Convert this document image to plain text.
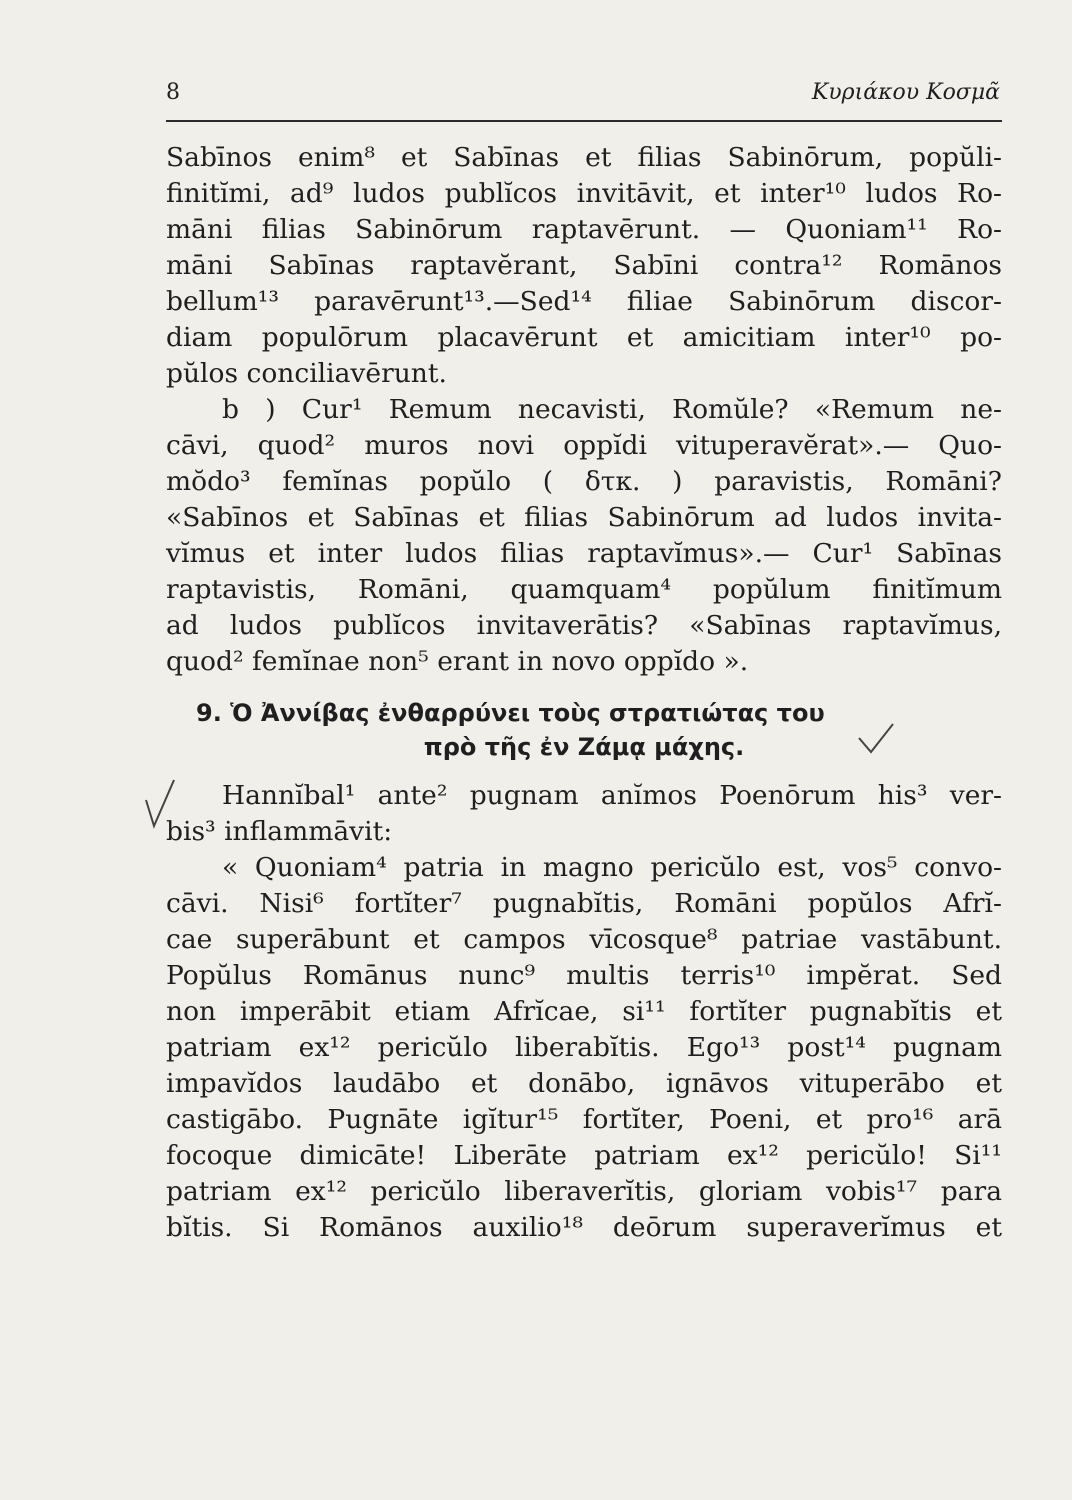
8	Κυριάκου Κοσμᾶ
Sabīnos enim⁸ et Sabīnas et filias Sabinōrum, popŭli-
finitĭmi, ad⁹ ludos publĭcos invitāvit, et inter¹⁰ ludos Ro-
māni filias Sabinōrum raptavērunt. — Quoniam¹¹ Ro-
māni Sabīnas raptavĕrant, Sabīni contra¹² Romānos
bellum¹³ paravērunt¹³.—Sed¹⁴ filiae Sabinōrum discor-
diam populōrum placavērunt et amicitiam inter¹⁰ po-
pŭlos conciliavērunt.
b ) Cur¹ Remum necavisti, Romŭle? «Remum ne-
cāvi, quod² muros novi oppĭdi vituperavĕrat».— Quo-
mŏdo³ femĭnas popŭlo ( δτκ. ) paravistis, Romāni?
«Sabīnos et Sabīnas et filias Sabinōrum ad ludos invita-
vĭmus et inter ludos filias raptavĭmus».— Cur¹ Sabīnas
raptavistis, Romāni, quamquam⁴ popŭlum finitĭmum
ad ludos publĭcos invitaverātis? «Sabīnas raptavĭmus,
quod² femĭnae non⁵ erant in novo oppĭdo ».
9. Ὁ Ἀννίβας ἐνθαρρύνει τοὺς στρατιώτας του
πρὸ τῆς ἐν Ζάμᾳ μάχης.
Hannĭbal¹ ante² pugnam anĭmos Poenōrum his³ ver-
bis³ inflammāvit:
« Quoniam⁴ patria in magno pericŭlo est, vos⁵ convo-
cāvi. Nisi⁶ fortĭter⁷ pugnabĭtis, Romāni popŭlos Afrĭ-
cae superābunt et campos vīcosque⁸ patriae vastābunt.
Popŭlus Romānus nunc⁹ multis terris¹⁰ impĕrat. Sed
non imperābit etiam Afrĭcae, si¹¹ fortĭter pugnabĭtis et
patriam ex¹² pericŭlo liberabĭtis. Ego¹³ post¹⁴ pugnam
impavĭdos laudābo et donābo, ignāvos vituperābo et
castigābo. Pugnāte igĭtur¹⁵ fortĭter, Poeni, et pro¹⁶ arā
focoque dimicāte! Liberāte patriam ex¹² pericŭlo! Si¹¹
patriam ex¹² pericŭlo liberaverĭtis, gloriam vobis¹⁷ para
bĭtis. Si Romānos auxilio¹⁸ deōrum superaverĭmus et
